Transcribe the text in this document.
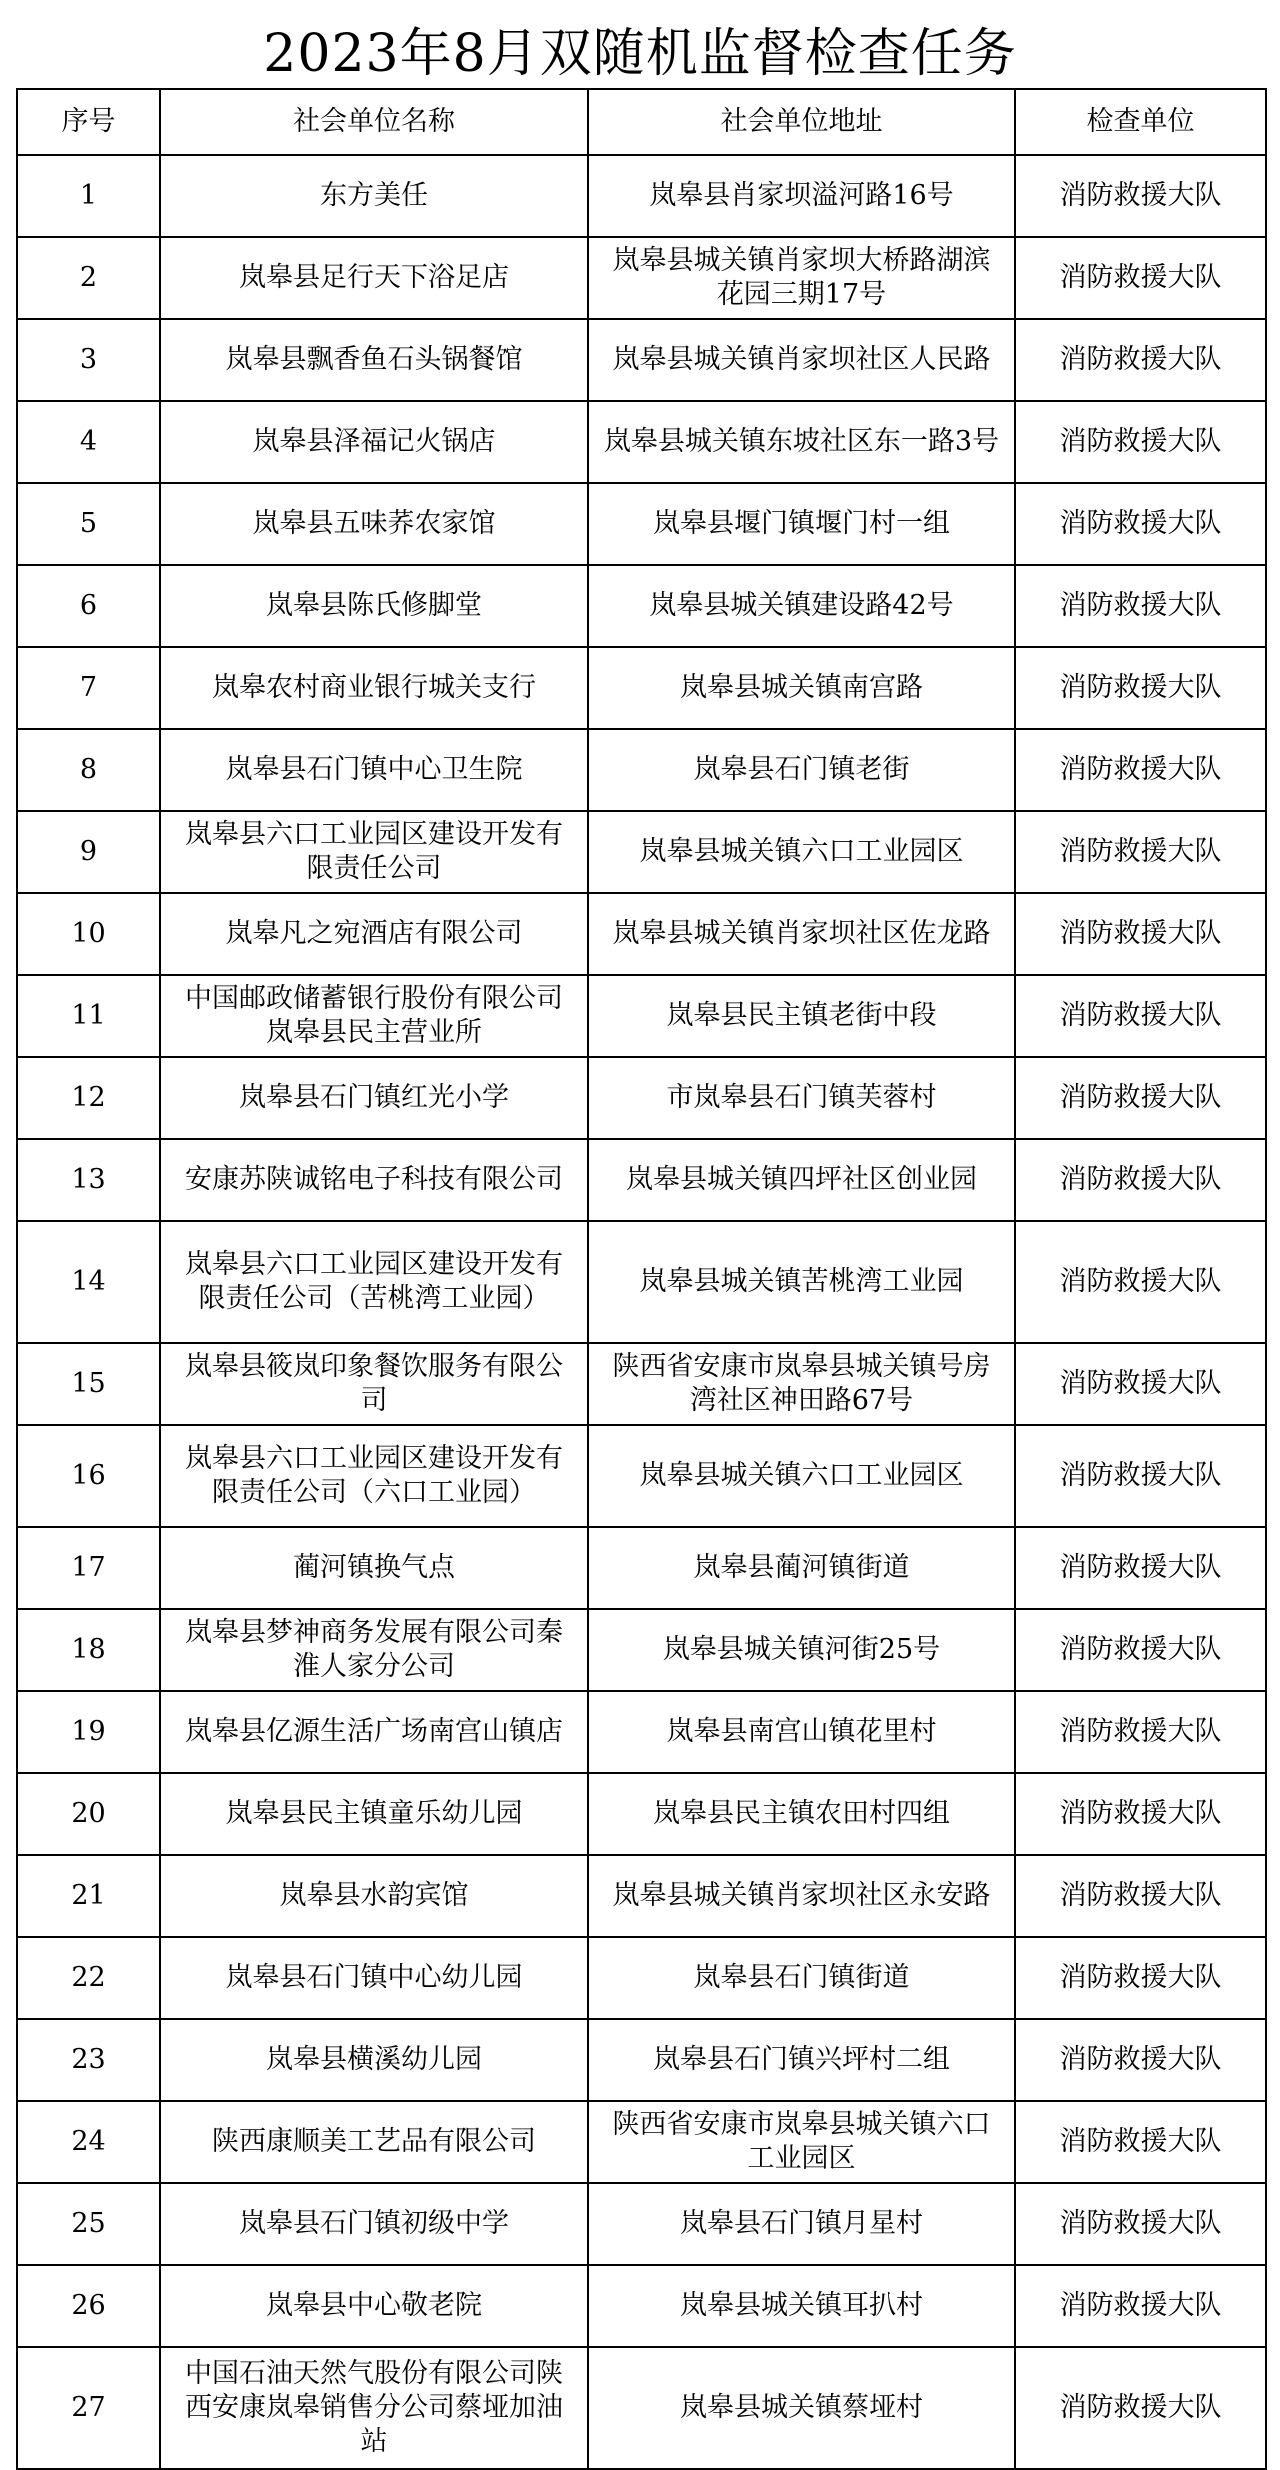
2023年8月双随机监督检查任务
序号	社会单位名称	社会单位地址	检查单位
1	东方美任	岚皋县肖家坝溢河路16号	消防救援大队
2	岚皋县足行天下浴足店	岚皋县城关镇肖家坝大桥路湖滨花园三期17号	消防救援大队
3	岚皋县飘香鱼石头锅餐馆	岚皋县城关镇肖家坝社区人民路	消防救援大队
4	岚皋县泽福记火锅店	岚皋县城关镇东坡社区东一路3号	消防救援大队
5	岚皋县五味荞农家馆	岚皋县堰门镇堰门村一组	消防救援大队
6	岚皋县陈氏修脚堂	岚皋县城关镇建设路42号	消防救援大队
7	岚皋农村商业银行城关支行	岚皋县城关镇南宫路	消防救援大队
8	岚皋县石门镇中心卫生院	岚皋县石门镇老街	消防救援大队
9	岚皋县六口工业园区建设开发有限责任公司	岚皋县城关镇六口工业园区	消防救援大队
10	岚皋凡之宛酒店有限公司	岚皋县城关镇肖家坝社区佐龙路	消防救援大队
11	中国邮政储蓄银行股份有限公司岚皋县民主营业所	岚皋县民主镇老街中段	消防救援大队
12	岚皋县石门镇红光小学	市岚皋县石门镇芙蓉村	消防救援大队
13	安康苏陕诚铭电子科技有限公司	岚皋县城关镇四坪社区创业园	消防救援大队
14	岚皋县六口工业园区建设开发有限责任公司（苦桃湾工业园）	岚皋县城关镇苦桃湾工业园	消防救援大队
15	岚皋县筱岚印象餐饮服务有限公司	陕西省安康市岚皋县城关镇号房湾社区神田路67号	消防救援大队
16	岚皋县六口工业园区建设开发有限责任公司（六口工业园）	岚皋县城关镇六口工业园区	消防救援大队
17	蔺河镇换气点	岚皋县蔺河镇街道	消防救援大队
18	岚皋县梦神商务发展有限公司秦淮人家分公司	岚皋县城关镇河街25号	消防救援大队
19	岚皋县亿源生活广场南宫山镇店	岚皋县南宫山镇花里村	消防救援大队
20	岚皋县民主镇童乐幼儿园	岚皋县民主镇农田村四组	消防救援大队
21	岚皋县水韵宾馆	岚皋县城关镇肖家坝社区永安路	消防救援大队
22	岚皋县石门镇中心幼儿园	岚皋县石门镇街道	消防救援大队
23	岚皋县横溪幼儿园	岚皋县石门镇兴坪村二组	消防救援大队
24	陕西康顺美工艺品有限公司	陕西省安康市岚皋县城关镇六口工业园区	消防救援大队
25	岚皋县石门镇初级中学	岚皋县石门镇月星村	消防救援大队
26	岚皋县中心敬老院	岚皋县城关镇耳扒村	消防救援大队
27	中国石油天然气股份有限公司陕西安康岚皋销售分公司蔡垭加油站	岚皋县城关镇蔡垭村	消防救援大队
